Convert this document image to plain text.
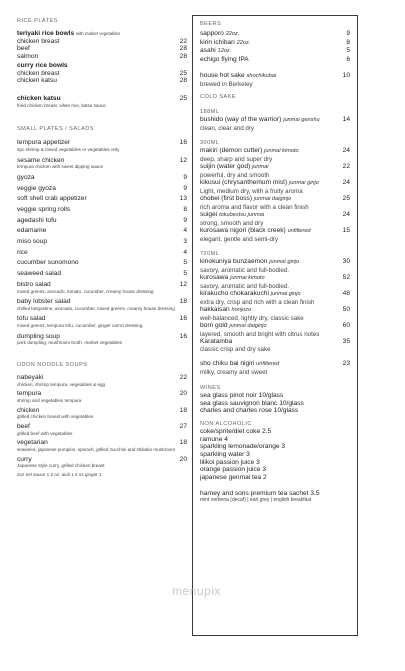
RICE PLATES
teriyaki rice bowls with market vegetables
chicken breast	22
beef	28
salmon	28
curry rice bowls
chicken breast	25
chicken katsu	28
chicken katsu	25
fried chicken breast, white rice, katsu sauce
SMALL PLATES / SALADS
tempura appetizer	16
2pc shrimp & mixed vegetables or vegetables only
sesame chicken	12
tempura chicken with sweet dipping sauce
gyoza	9
veggie gyoza	9
soft shell crab appetizer	13
veggie spring rolls	8
agedashi tofu	9
edamame	4
miso soup	3
rice	4
cucumber sunomono	5
seaweed salad	5
bistro salad	12
mixed greens, avocado, tomato, cucumber, creamy house dressing
baby lobster salad	18
chilled langostine, avocado, cucumber, mixed greens, creamy house dressing
tofu salad	16
mixed greens, tempura tofu, cucumber, ginger carrot dressing
dumpling soup	16
pork dumpling, mushroom broth, market vegetables
UDON NOODLE SOUPS
nabeyaki	22
chicken, shrimp tempura, vegetables & egg
tempura	20
shrimp and vegetables tempura
chicken	18
grilled chicken breast with vegetables
beef	27
grilled beef with vegetables
vegetarian	18
seaweed, japanese pumpkin, spinach, grilled zucchini and shiitake mushroom
curry	20
Japanese style curry, grilled chicken breast
2oz eel sauce 1 2 oz. aioli 1 2 oz ginger 1
BEERS
sapporo 22oz.	9
kirin ichiban 22oz.	8
asahi 12oz.	5
echigo flying IPA	6
house hot sake shochikubai	10
brewed in Berkeley
COLD SAKE
188ML
bushido (way of the warrior) junmai genshu	14
clean, clear and dry
300ML
makiri (demon cutter) junmai kimoto	24
deep, sharp and super dry
suijin (water god) junmai	22
powerful, dry and smooth
kikusui (chrysanthemum mist) junmai ginjo	24
Light, medium dry, with a fruity aroma
chobei (first boss) junmai daiginjo	25
rich aroma and flavor with a clean finish
suigei tokubestsu junmai	24
strong, smooth and dry
kurosawa nigori (black creek) unfiltered	15
elegant, gentle and semi-dry
720ML
kinokuniya bunzaemon junmai ginjo	30
savory, aromatic and full-bodied.
kurosawa junmai kimoto	52
savory, aromatic and full-bodied.
kirakucho chokarakuchi junmai ginjo	48
extra dry, crisp and rich with a clean finish
hakkaisan honjozo	50
well-balanced, lightly dry, classic sake
born gold junmai daiginjo	60
layered, smooth and bright with citrus notes
Karatamba	35
classic crisp and dry sake
sho chiku bai nigiri unfiltered	23
milky, creamy and sweet
WINES
sea glass pinot noir 10/glass
sea glass sauvignon blanc 10/glass
charles and charles rose 10/glass
NON ALCOHOLIC
coke/sprite/diet coke 2.5
ramune 4
sparkling lemonade/orange 3
sparkling water 3
lilikoi passion juice 3
orange passion juice 3
japanese genmai tea 2
harney and sons premium tea sachet 3.5
mint verbena (decaf) | earl grey | english breakfast
menupix
